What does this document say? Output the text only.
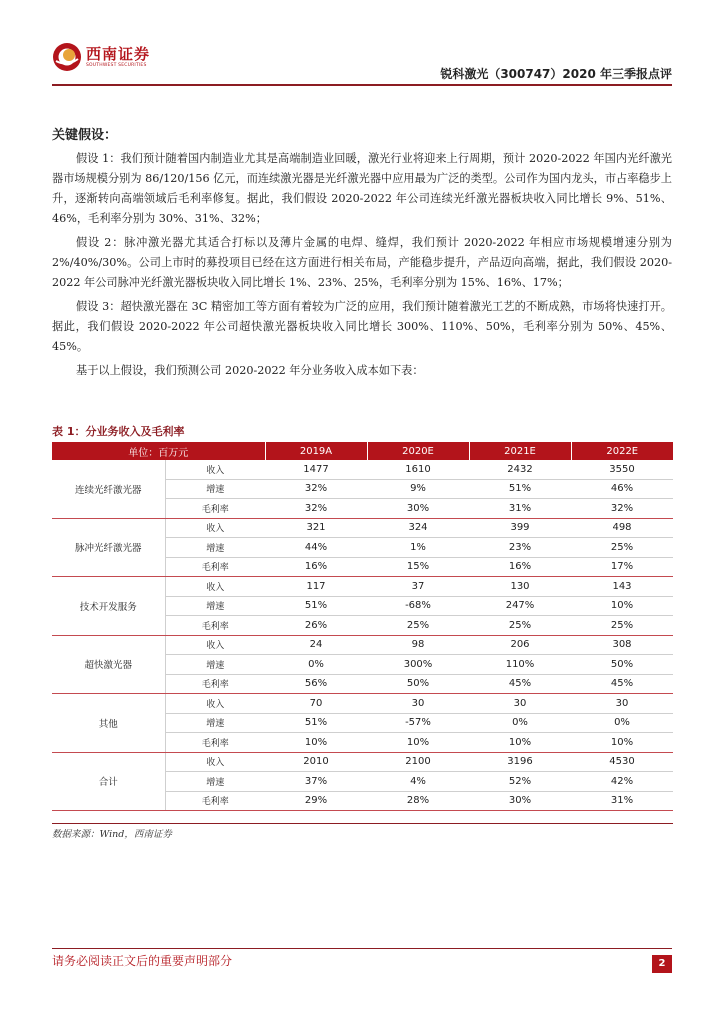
西南证券
SOUTHWEST SECURITIES
锐科激光（300747）2020 年三季报点评
关键假设：

假设 1：我们预计随着国内制造业尤其是高端制造业回暖，激光行业将迎来上行周期，预计 2020-2022 年国内光纤激光器市场规模分别为 86/120/156 亿元，而连续激光器是光纤激光器中应用最为广泛的类型。公司作为国内龙头，市占率稳步上升，逐渐转向高端领域后毛利率修复。据此，我们假设 2020-2022 年公司连续光纤激光器板块收入同比增长 9%、51%、46%，毛利率分别为 30%、31%、32%；

假设 2：脉冲激光器尤其适合打标以及薄片金属的电焊、缝焊，我们预计 2020-2022 年相应市场规模增速分别为 2%/40%/30%。公司上市时的募投项目已经在这方面进行相关布局，产能稳步提升，产品迈向高端，据此，我们假设 2020-2022 年公司脉冲光纤激光器板块收入同比增长 1%、23%、25%，毛利率分别为 15%、16%、17%；

假设 3：超快激光器在 3C 精密加工等方面有着较为广泛的应用，我们预计随着激光工艺的不断成熟，市场将快速打开。据此，我们假设 2020-2022 年公司超快激光器板块收入同比增长 300%、110%、50%，毛利率分别为 50%、45%、45%。

基于以上假设，我们预测公司 2020-2022 年分业务收入成本如下表：

表 1：分业务收入及毛利率
单位：百万元		2019A	2020E	2021E	2022E
连续光纤激光器	收入	1477	1610	2432	3550
	增速	32%	9%	51%	46%
	毛利率	32%	30%	31%	32%
脉冲光纤激光器	收入	321	324	399	498
	增速	44%	1%	23%	25%
	毛利率	16%	15%	16%	17%
技术开发服务	收入	117	37	130	143
	增速	51%	-68%	247%	10%
	毛利率	26%	25%	25%	25%
超快激光器	收入	24	98	206	308
	增速	0%	300%	110%	50%
	毛利率	56%	50%	45%	45%
其他	收入	70	30	30	30
	增速	51%	-57%	0%	0%
	毛利率	10%	10%	10%	10%
合计	收入	2010	2100	3196	4530
	增速	37%	4%	52%	42%
	毛利率	29%	28%	30%	31%
数据来源：Wind，西南证券
请务必阅读正文后的重要声明部分	2
